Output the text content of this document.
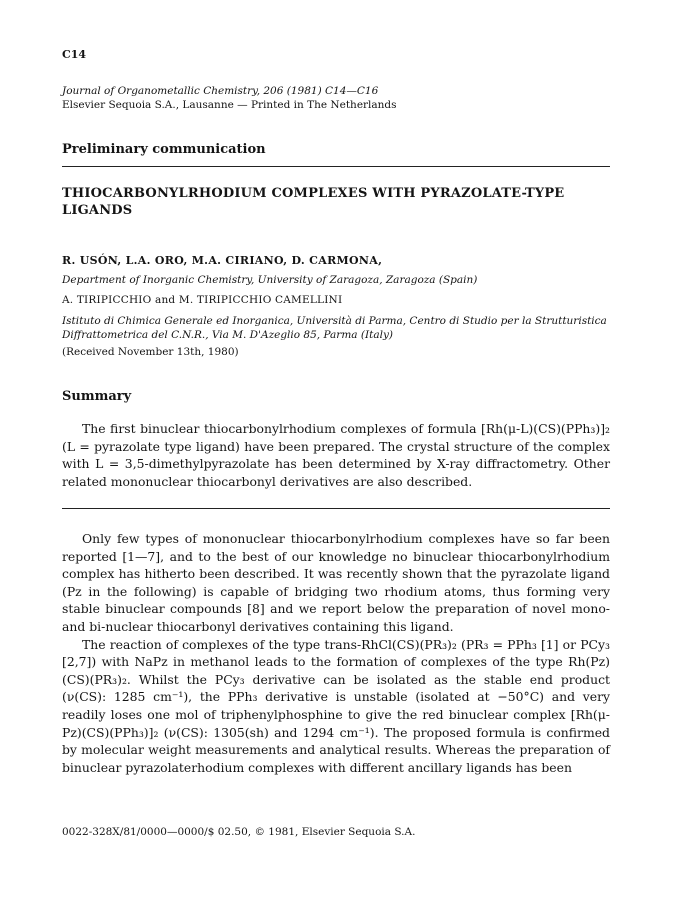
C14
Journal of Organometallic Chemistry, 206 (1981) C14—C16
Elsevier Sequoia S.A., Lausanne — Printed in The Netherlands
Preliminary communication
THIOCARBONYLRHODIUM COMPLEXES WITH PYRAZOLATE-TYPE LIGANDS
R. USÓN, L.A. ORO, M.A. CIRIANO, D. CARMONA,
Department of Inorganic Chemistry, University of Zaragoza, Zaragoza (Spain)
A. TIRIPICCHIO and M. TIRIPICCHIO CAMELLINI
Istituto di Chimica Generale ed Inorganica, Università di Parma, Centro di Studio per la Strutturistica Diffrattometrica del C.N.R., Via M. D'Azeglio 85, Parma (Italy)
(Received November 13th, 1980)
Summary

The first binuclear thiocarbonylrhodium complexes of formula [Rh(μ-L)(CS)(PPh₃)]₂ (L = pyrazolate type ligand) have been prepared. The crystal structure of the complex with L = 3,5-dimethylpyrazolate has been determined by X-ray diffractometry. Other related mononuclear thiocarbonyl derivatives are also described.

Only few types of mononuclear thiocarbonylrhodium complexes have so far been reported [1—7], and to the best of our knowledge no binuclear thiocarbonylrhodium complex has hitherto been described. It was recently shown that the pyrazolate ligand (Pz in the following) is capable of bridging two rhodium atoms, thus forming very stable binuclear compounds [8] and we report below the preparation of novel mono- and bi-nuclear thiocarbonyl derivatives containing this ligand.

The reaction of complexes of the type trans-RhCl(CS)(PR₃)₂ (PR₃ = PPh₃ [1] or PCy₃ [2,7]) with NaPz in methanol leads to the formation of complexes of the type Rh(Pz)(CS)(PR₃)₂. Whilst the PCy₃ derivative can be isolated as the stable end product (ν(CS): 1285 cm⁻¹), the PPh₃ derivative is unstable (isolated at −50°C) and very readily loses one mol of triphenylphosphine to give the red binuclear complex [Rh(μ-Pz)(CS)(PPh₃)]₂ (ν(CS): 1305(sh) and 1294 cm⁻¹). The proposed formula is confirmed by molecular weight measurements and analytical results. Whereas the preparation of binuclear pyrazolaterhodium complexes with different ancillary ligands has been

0022-328X/81/0000—0000/$ 02.50, © 1981, Elsevier Sequoia S.A.
